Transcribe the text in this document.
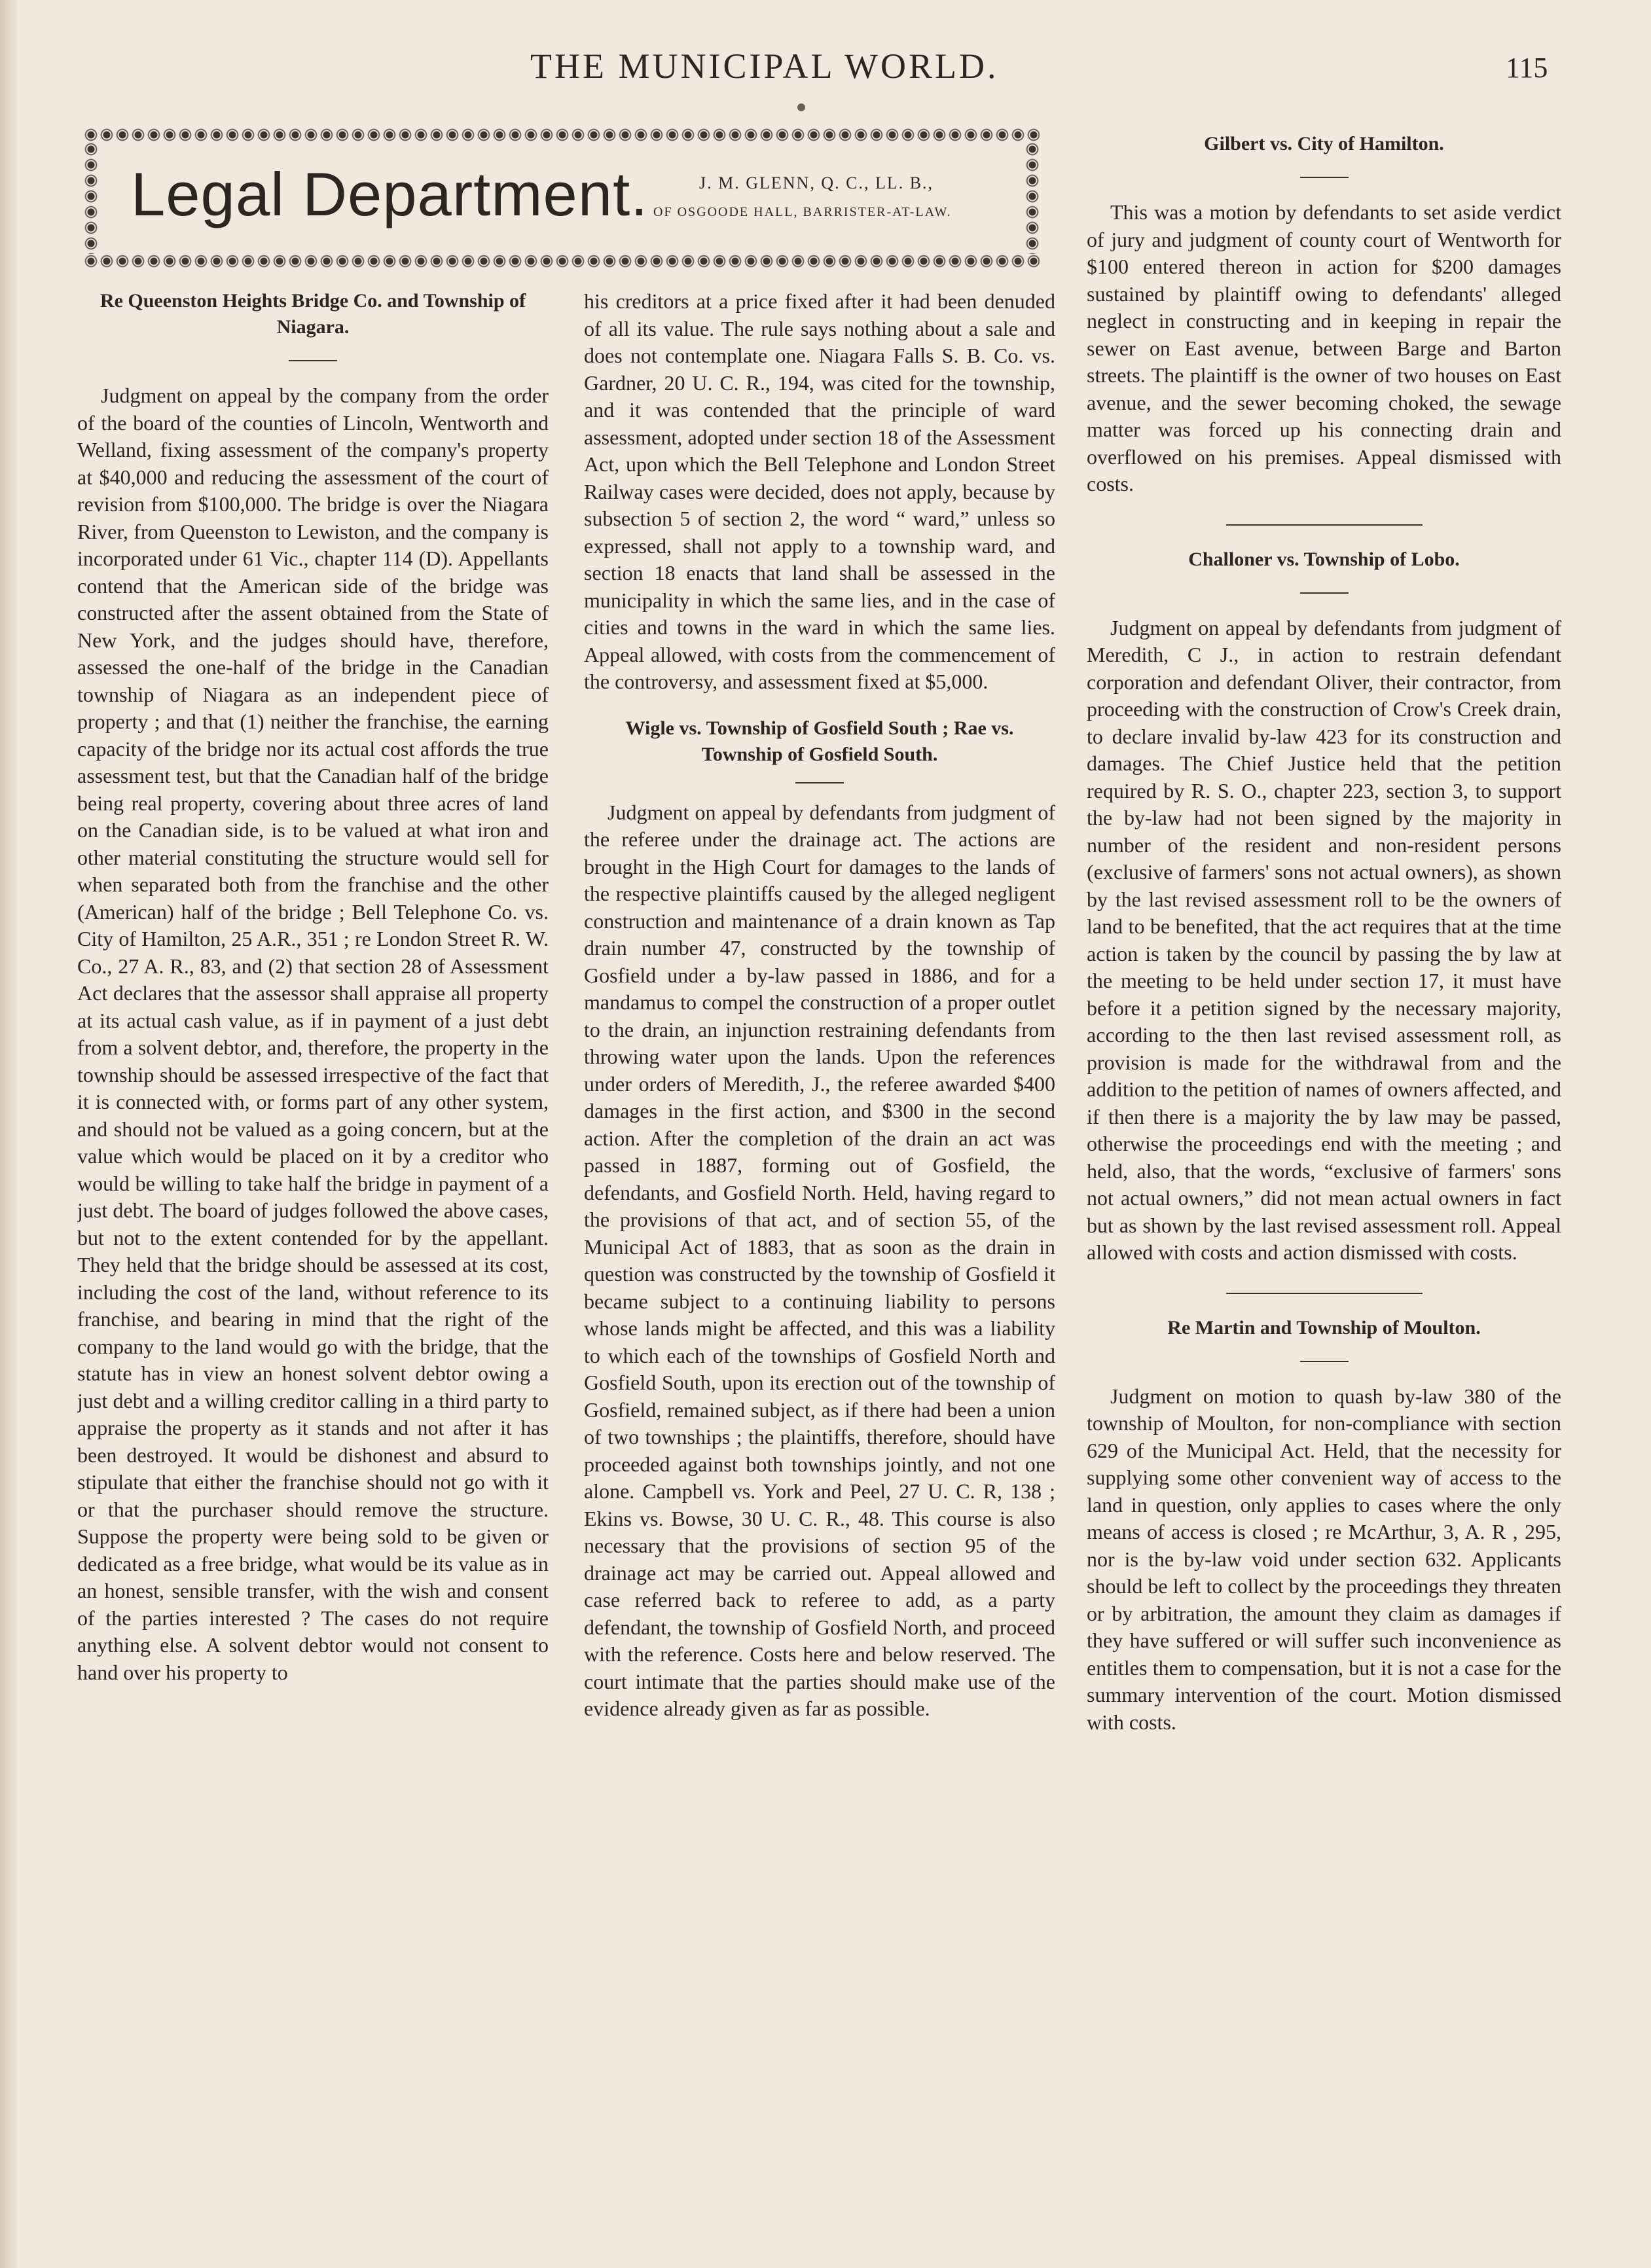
THE MUNICIPAL WORLD.	115
Legal Department.	J. M. GLENN, Q. C., LL. B.,
OF OSGOODE HALL, BARRISTER-AT-LAW.

Re Queenston Heights Bridge Co. and Township of Niagara.

Judgment on appeal by the company from the order of the board of the counties of Lincoln, Wentworth and Welland, fixing assessment of the company's property at $40,000 and reducing the assessment of the court of revision from $100,000. The bridge is over the Niagara River, from Queenston to Lewiston, and the company is incorporated under 61 Vic., chapter 114 (D). Appellants contend that the American side of the bridge was constructed after the assent obtained from the State of New York, and the judges should have, therefore, assessed the one-half of the bridge in the Canadian township of Niagara as an independent piece of property ; and that (1) neither the franchise, the earning capacity of the bridge nor its actual cost affords the true assessment test, but that the Canadian half of the bridge being real property, covering about three acres of land on the Canadian side, is to be valued at what iron and other material constituting the structure would sell for when separated both from the franchise and the other (American) half of the bridge ; Bell Telephone Co. vs. City of Hamilton, 25 A.R., 351 ; re London Street R. W. Co., 27 A. R., 83, and (2) that section 28 of Assessment Act declares that the assessor shall appraise all property at its actual cash value, as if in payment of a just debt from a solvent debtor, and, therefore, the property in the township should be assessed irrespective of the fact that it is connected with, or forms part of any other system, and should not be valued as a going concern, but at the value which would be placed on it by a creditor who would be willing to take half the bridge in payment of a just debt. The board of judges followed the above cases, but not to the extent contended for by the appellant. They held that the bridge should be assessed at its cost, including the cost of the land, without reference to its franchise, and bearing in mind that the right of the company to the land would go with the bridge, that the statute has in view an honest solvent debtor owing a just debt and a willing creditor calling in a third party to appraise the property as it stands and not after it has been destroyed. It would be dishonest and absurd to stipulate that either the franchise should not go with it or that the purchaser should remove the structure. Suppose the property were being sold to be given or dedicated as a free bridge, what would be its value as in an honest, sensible transfer, with the wish and consent of the parties interested ? The cases do not require anything else. A solvent debtor would not consent to hand over his property to

his creditors at a price fixed after it had been denuded of all its value. The rule says nothing about a sale and does not contemplate one. Niagara Falls S. B. Co. vs. Gardner, 20 U. C. R., 194, was cited for the township, and it was contended that the principle of ward assessment, adopted under section 18 of the Assessment Act, upon which the Bell Telephone and London Street Railway cases were decided, does not apply, because by subsection 5 of section 2, the word “ ward,” unless so expressed, shall not apply to a township ward, and section 18 enacts that land shall be assessed in the municipality in which the same lies, and in the case of cities and towns in the ward in which the same lies. Appeal allowed, with costs from the commencement of the controversy, and assessment fixed at $5,000.

Wigle vs. Township of Gosfield South ; Rae vs. Township of Gosfield South.

Judgment on appeal by defendants from judgment of the referee under the drainage act. The actions are brought in the High Court for damages to the lands of the respective plaintiffs caused by the alleged negligent construction and maintenance of a drain known as Tap drain number 47, constructed by the township of Gosfield under a by-law passed in 1886, and for a mandamus to compel the construction of a proper outlet to the drain, an injunction restraining defendants from throwing water upon the lands. Upon the references under orders of Meredith, J., the referee awarded $400 damages in the first action, and $300 in the second action. After the completion of the drain an act was passed in 1887, forming out of Gosfield, the defendants, and Gosfield North. Held, having regard to the provisions of that act, and of section 55, of the Municipal Act of 1883, that as soon as the drain in question was constructed by the township of Gosfield it became subject to a continuing liability to persons whose lands might be affected, and this was a liability to which each of the townships of Gosfield North and Gosfield South, upon its erection out of the township of Gosfield, remained subject, as if there had been a union of two townships ; the plaintiffs, therefore, should have proceeded against both townships jointly, and not one alone. Campbell vs. York and Peel, 27 U. C. R, 138 ; Ekins vs. Bowse, 30 U. C. R., 48. This course is also necessary that the provisions of section 95 of the drainage act may be carried out. Appeal allowed and case referred back to referee to add, as a party defendant, the township of Gosfield North, and proceed with the reference. Costs here and below reserved. The court intimate that the parties should make use of the evidence already given as far as possible.

Gilbert vs. City of Hamilton.

This was a motion by defendants to set aside verdict of jury and judgment of county court of Wentworth for $100 entered thereon in action for $200 damages sustained by plaintiff owing to defendants' alleged neglect in constructing and in keeping in repair the sewer on East avenue, between Barge and Barton streets. The plaintiff is the owner of two houses on East avenue, and the sewer becoming choked, the sewage matter was forced up his connecting drain and overflowed on his premises. Appeal dismissed with costs.

Challoner vs. Township of Lobo.

Judgment on appeal by defendants from judgment of Meredith, C J., in action to restrain defendant corporation and defendant Oliver, their contractor, from proceeding with the construction of Crow's Creek drain, to declare invalid by-law 423 for its construction and damages. The Chief Justice held that the petition required by R. S. O., chapter 223, section 3, to support the by-law had not been signed by the majority in number of the resident and non-resident persons (exclusive of farmers' sons not actual owners), as shown by the last revised assessment roll to be the owners of land to be benefited, that the act requires that at the time action is taken by the council by passing the by law at the meeting to be held under section 17, it must have before it a petition signed by the necessary majority, according to the then last revised assessment roll, as provision is made for the withdrawal from and the addition to the petition of names of owners affected, and if then there is a majority the by law may be passed, otherwise the proceedings end with the meeting ; and held, also, that the words, “exclusive of farmers' sons not actual owners,” did not mean actual owners in fact but as shown by the last revised assessment roll. Appeal allowed with costs and action dismissed with costs.

Re Martin and Township of Moulton.

Judgment on motion to quash by-law 380 of the township of Moulton, for non-compliance with section 629 of the Municipal Act. Held, that the necessity for supplying some other convenient way of access to the land in question, only applies to cases where the only means of access is closed ; re McArthur, 3, A. R , 295, nor is the by-law void under section 632. Applicants should be left to collect by the proceedings they threaten or by arbitration, the amount they claim as damages if they have suffered or will suffer such inconvenience as entitles them to compensation, but it is not a case for the summary intervention of the court. Motion dismissed with costs.
